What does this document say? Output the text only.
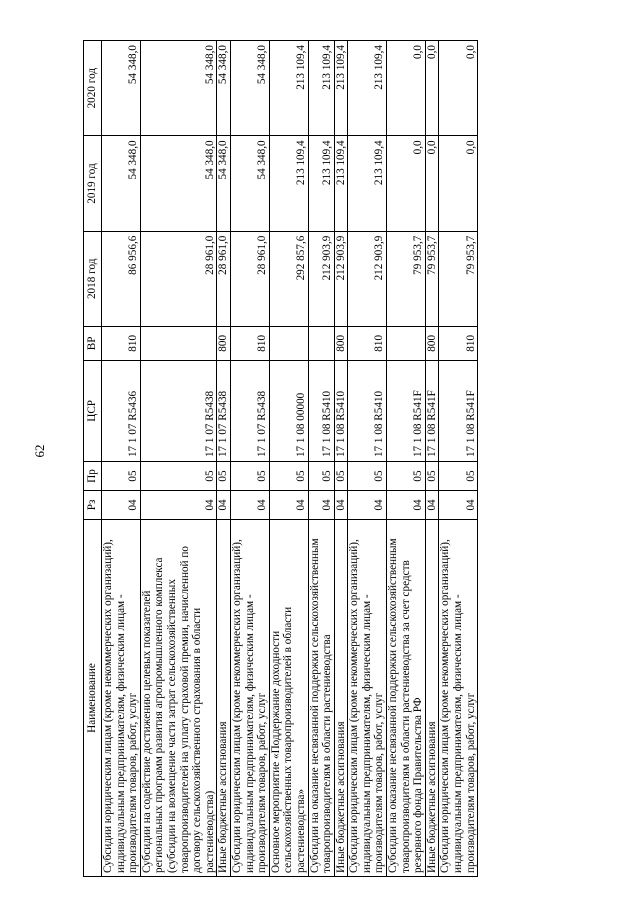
62
Наименование	Рз	Пр	ЦСР	ВР	2018 год	2019 год	2020 год
Субсидии юридическим лицам (кроме некоммерческих организаций), индивидуальным предпринимателям, физическим лицам - производителям товаров, работ, услуг	04	05	17 1 07 R5436	810	86 956,6	54 348,0	54 348,0
Субсидии на содействие достижению целевых показателей региональных программ развития агропромышленного комплекса (субсидии на возмещение части затрат сельскохозяйственных товаропроизводителей на уплату страховой премии, начисленной по договору сельскохозяйственного страхования в области растениеводства)	04	05	17 1 07 R5438		28 961,0	54 348,0	54 348,0
Иные бюджетные ассигнования	04	05	17 1 07 R5438	800	28 961,0	54 348,0	54 348,0
Субсидии юридическим лицам (кроме некоммерческих организаций), индивидуальным предпринимателям, физическим лицам - производителям товаров, работ, услуг	04	05	17 1 07 R5438	810	28 961,0	54 348,0	54 348,0
Основное мероприятие «Поддержание доходности сельскохозяйственных товаропроизводителей в области растениеводства»	04	05	17 1 08 00000		292 857,6	213 109,4	213 109,4
Субсидии на оказание несвязанной поддержки сельскохозяйственным товаропроизводителям в области растениеводства	04	05	17 1 08 R5410		212 903,9	213 109,4	213 109,4
Иные бюджетные ассигнования	04	05	17 1 08 R5410	800	212 903,9	213 109,4	213 109,4
Субсидии юридическим лицам (кроме некоммерческих организаций), индивидуальным предпринимателям, физическим лицам - производителям товаров, работ, услуг	04	05	17 1 08 R5410	810	212 903,9	213 109,4	213 109,4
Субсидии на оказание несвязанной поддержки сельскохозяйственным товаропроизводителям в области растениеводства за счет средств резервного фонда Правительства РФ	04	05	17 1 08 R541F		79 953,7	0,0	0,0
Иные бюджетные ассигнования	04	05	17 1 08 R541F	800	79 953,7	0,0	0,0
Субсидии юридическим лицам (кроме некоммерческих организаций), индивидуальным предпринимателям, физическим лицам - производителям товаров, работ, услуг	04	05	17 1 08 R541F	810	79 953,7	0,0	0,0
